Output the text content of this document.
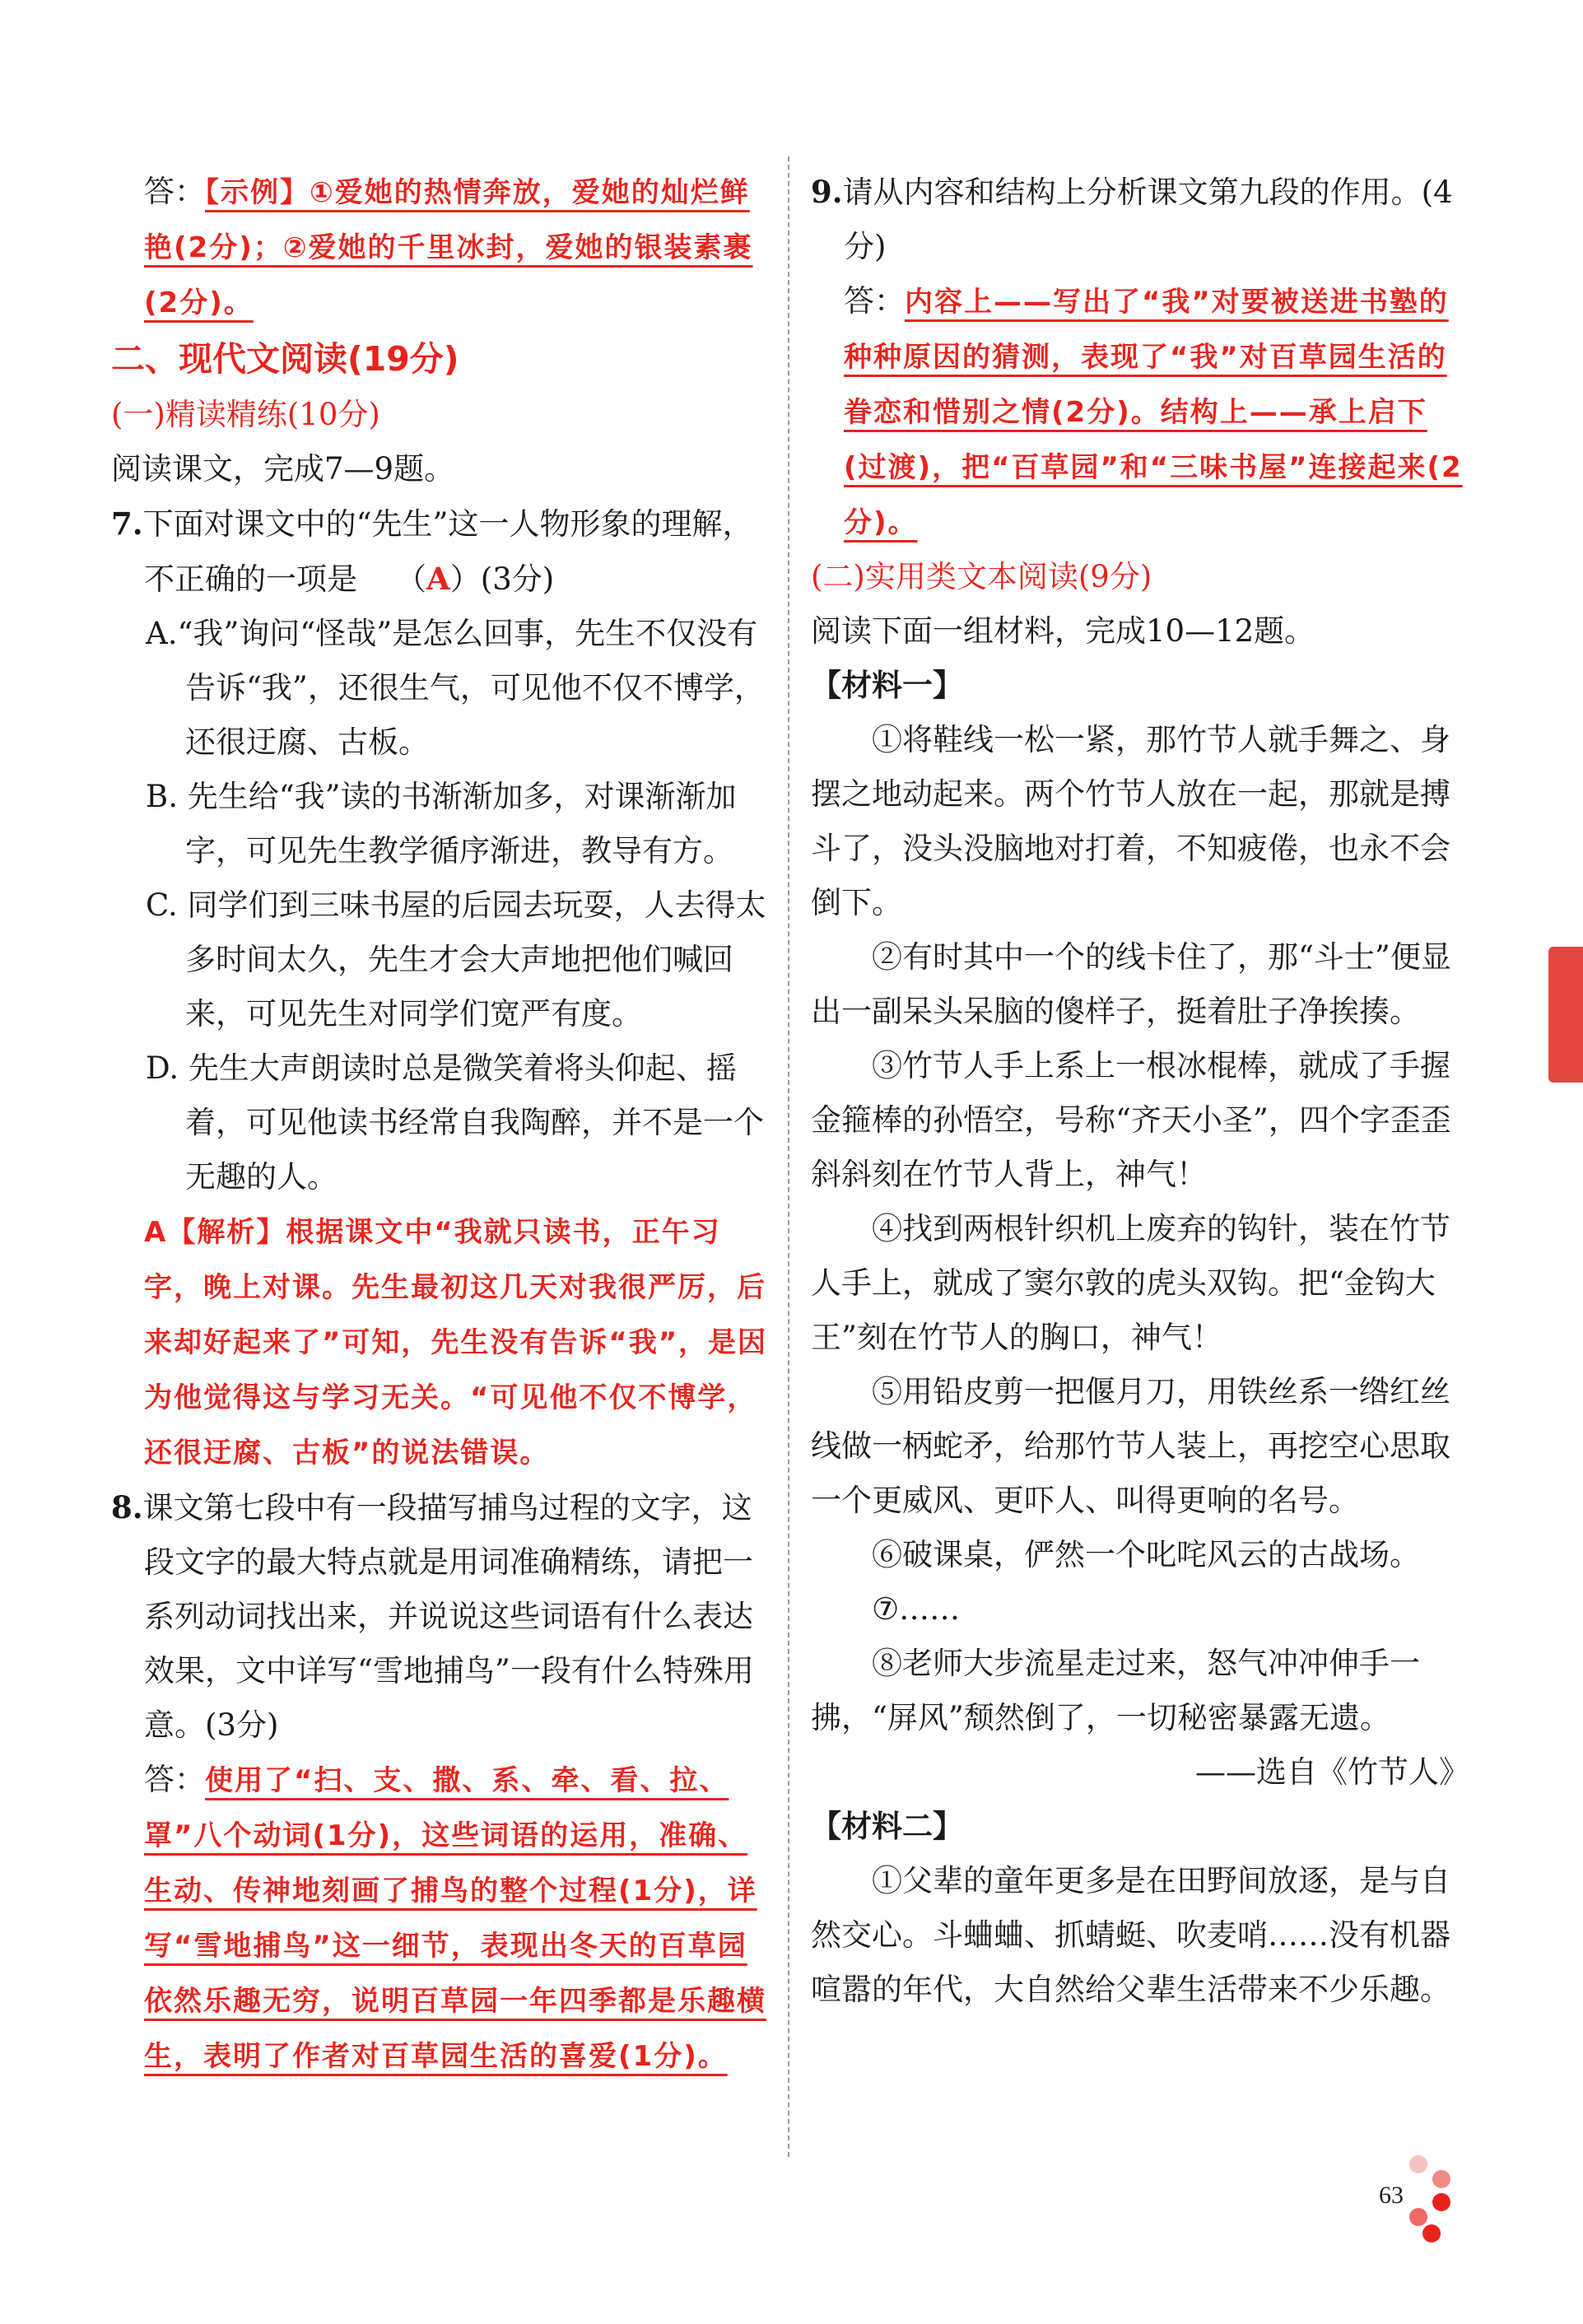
答：【示例】①爱她的热情奔放，爱她的灿烂鲜艳(2分)；②爱她的千里冰封，爱她的银装素裹(2分)。

二、现代文阅读(19分)

(一)精读精练(10分)

阅读课文，完成7—9题。

7.下面对课文中的“先生”这一人物形象的理解，不正确的一项是 （A）(3分)

A.“我”询问“怪哉”是怎么回事，先生不仅没有告诉“我”，还很生气，可见他不仅不博学，还很迂腐、古板。

B. 先生给“我”读的书渐渐加多，对课渐渐加字，可见先生教学循序渐进，教导有方。

C. 同学们到三味书屋的后园去玩耍，人去得太多时间太久，先生才会大声地把他们喊回来，可见先生对同学们宽严有度。

D. 先生大声朗读时总是微笑着将头仰起、摇着，可见他读书经常自我陶醉，并不是一个无趣的人。

A【解析】根据课文中“我就只读书，正午习字，晚上对课。先生最初这几天对我很严厉，后来却好起来了”可知，先生没有告诉“我”，是因为他觉得这与学习无关。“可见他不仅不博学，还很迂腐、古板”的说法错误。

8.课文第七段中有一段描写捕鸟过程的文字，这段文字的最大特点就是用词准确精练，请把一系列动词找出来，并说说这些词语有什么表达效果，文中详写“雪地捕鸟”一段有什么特殊用意。(3分)

答：使用了“扫、支、撒、系、牵、看、拉、罩”八个动词(1分)，这些词语的运用，准确、生动、传神地刻画了捕鸟的整个过程(1分)，详写“雪地捕鸟”这一细节，表现出冬天的百草园依然乐趣无穷，说明百草园一年四季都是乐趣横生，表明了作者对百草园生活的喜爱(1分)。

9.请从内容和结构上分析课文第九段的作用。(4分)

答：内容上——写出了“我”对要被送进书塾的种种原因的猜测，表现了“我”对百草园生活的眷恋和惜别之情(2分)。结构上——承上启下(过渡)，把“百草园”和“三味书屋”连接起来(2分)。

(二)实用类文本阅读(9分)

阅读下面一组材料，完成10—12题。

【材料一】

①将鞋线一松一紧，那竹节人就手舞之、身摆之地动起来。两个竹节人放在一起，那就是搏斗了，没头没脑地对打着，不知疲倦，也永不会倒下。

②有时其中一个的线卡住了，那“斗士”便显出一副呆头呆脑的傻样子，挺着肚子净挨揍。

③竹节人手上系上一根冰棍棒，就成了手握金箍棒的孙悟空，号称“齐天小圣”，四个字歪歪斜斜刻在竹节人背上，神气！

④找到两根针织机上废弃的钩针，装在竹节人手上，就成了窦尔敦的虎头双钩。把“金钩大王”刻在竹节人的胸口，神气！

⑤用铅皮剪一把偃月刀，用铁丝系一绺红丝线做一柄蛇矛，给那竹节人装上，再挖空心思取一个更威风、更吓人、叫得更响的名号。

⑥破课桌，俨然一个叱咤风云的古战场。

⑦……

⑧老师大步流星走过来，怒气冲冲伸手一拂，“屏风”颓然倒了，一切秘密暴露无遗。

——选自《竹节人》

【材料二】

①父辈的童年更多是在田野间放逐，是与自然交心。斗蛐蛐、抓蜻蜓、吹麦哨……没有机器喧嚣的年代，大自然给父辈生活带来不少乐趣。

63
